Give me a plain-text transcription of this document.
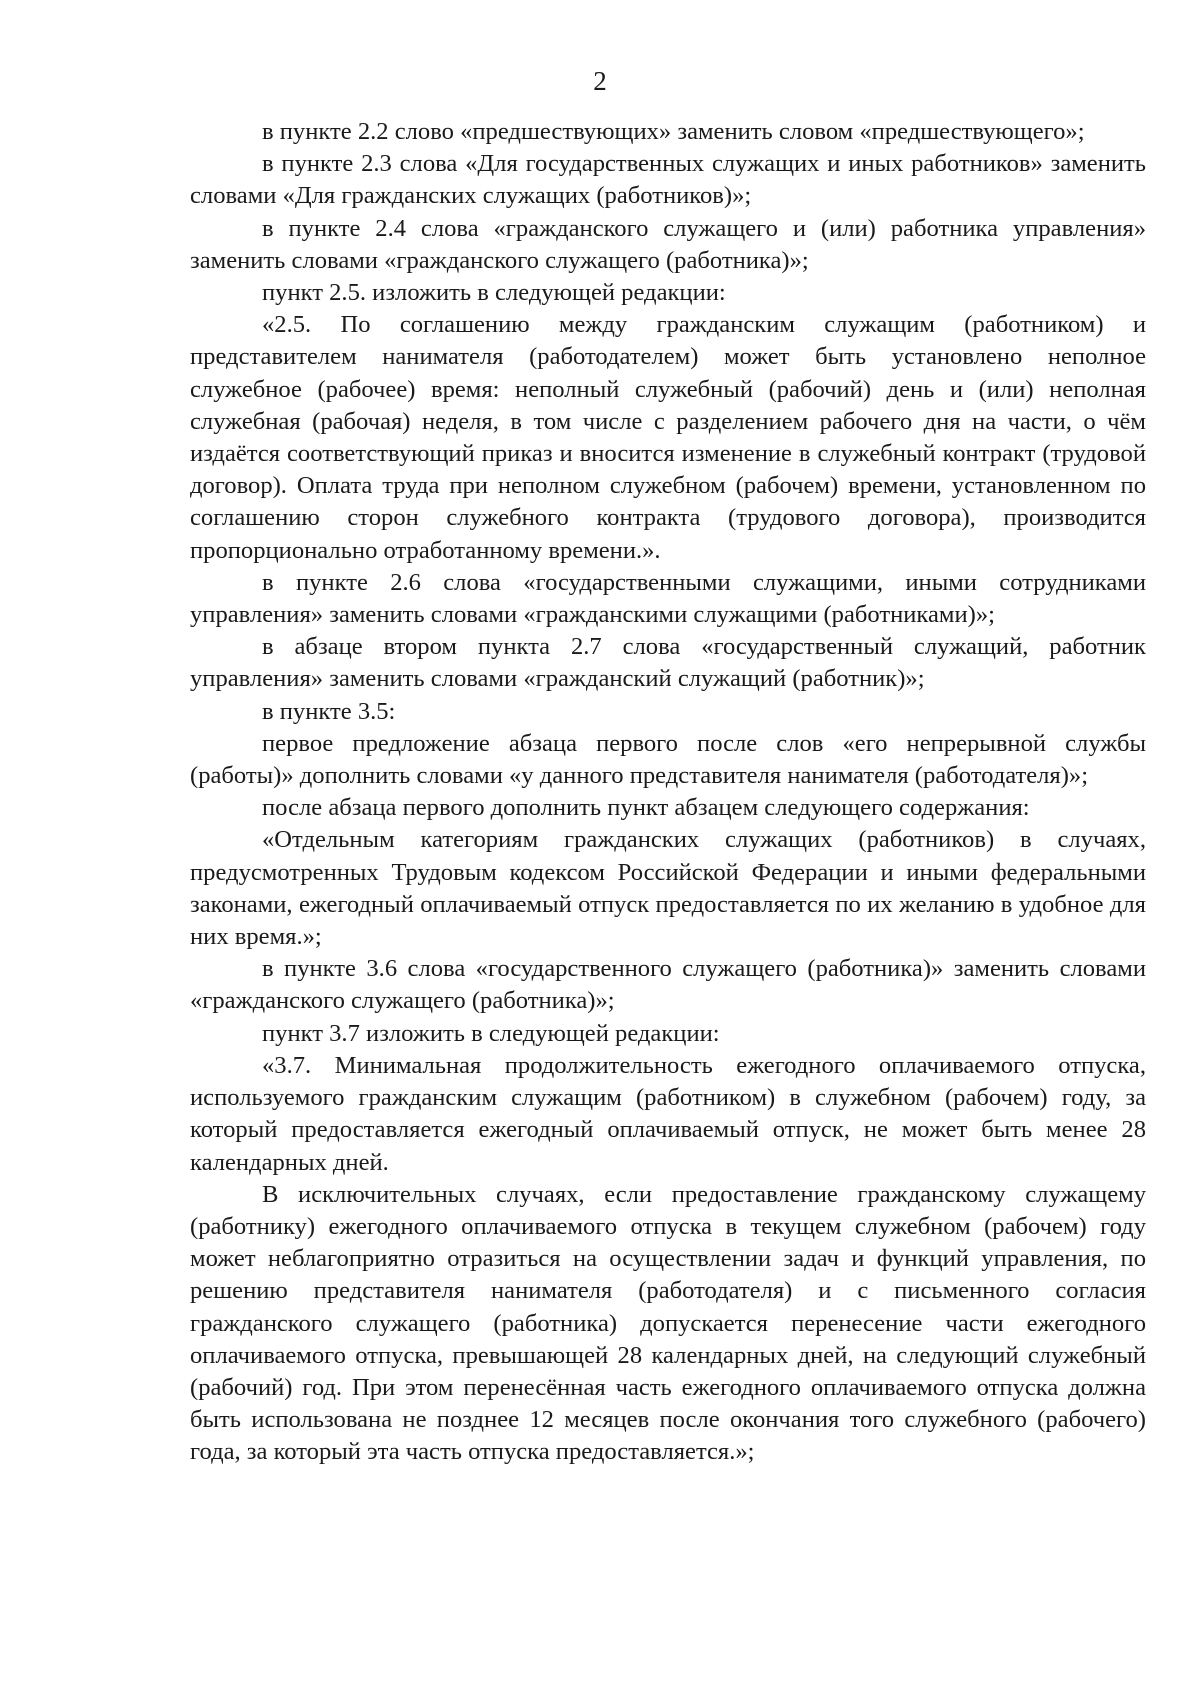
2

в пункте 2.2 слово «предшествующих» заменить словом «предшествующего»;

в пункте 2.3 слова «Для государственных служащих и иных работников» заменить словами «Для гражданских служащих (работников)»;

в пункте 2.4 слова «гражданского служащего и (или) работника управления» заменить словами «гражданского служащего (работника)»;

пункт 2.5. изложить в следующей редакции:

«2.5. По соглашению между гражданским служащим (работником) и представителем нанимателя (работодателем) может быть установлено неполное служебное (рабочее) время: неполный служебный (рабочий) день и (или) неполная служебная (рабочая) неделя, в том числе с разделением рабочего дня на части, о чём издаётся соответствующий приказ и вносится изменение в служебный контракт (трудовой договор). Оплата труда при неполном служебном (рабочем) времени, установленном по соглашению сторон служебного контракта (трудового договора), производится пропорционально отработанному времени.».

в пункте 2.6 слова «государственными служащими, иными сотрудниками управления» заменить словами «гражданскими служащими (работниками)»;

в абзаце втором пункта 2.7 слова «государственный служащий, работник управления» заменить словами «гражданский служащий (работник)»;

в пункте 3.5:

первое предложение абзаца первого после слов «его непрерывной службы (работы)» дополнить словами «у данного представителя нанимателя (работодателя)»;

после абзаца первого дополнить пункт абзацем следующего содержания:

«Отдельным категориям гражданских служащих (работников) в случаях, предусмотренных Трудовым кодексом Российской Федерации и иными федеральными законами, ежегодный оплачиваемый отпуск предоставляется по их желанию в удобное для них время.»;

в пункте 3.6 слова «государственного служащего (работника)» заменить словами «гражданского служащего (работника)»;

пункт 3.7 изложить в следующей редакции:

«3.7. Минимальная продолжительность ежегодного оплачиваемого отпуска, используемого гражданским служащим (работником) в служебном (рабочем) году, за который предоставляется ежегодный оплачиваемый отпуск, не может быть менее 28 календарных дней.

В исключительных случаях, если предоставление гражданскому служащему (работнику) ежегодного оплачиваемого отпуска в текущем служебном (рабочем) году может неблагоприятно отразиться на осуществлении задач и функций управления, по решению представителя нанимателя (работодателя) и с письменного согласия гражданского служащего (работника) допускается перенесение части ежегодного оплачиваемого отпуска, превышающей 28 календарных дней, на следующий служебный (рабочий) год. При этом перенесённая часть ежегодного оплачиваемого отпуска должна быть использована не позднее 12 месяцев после окончания того служебного (рабочего) года, за который эта часть отпуска предоставляется.»;
